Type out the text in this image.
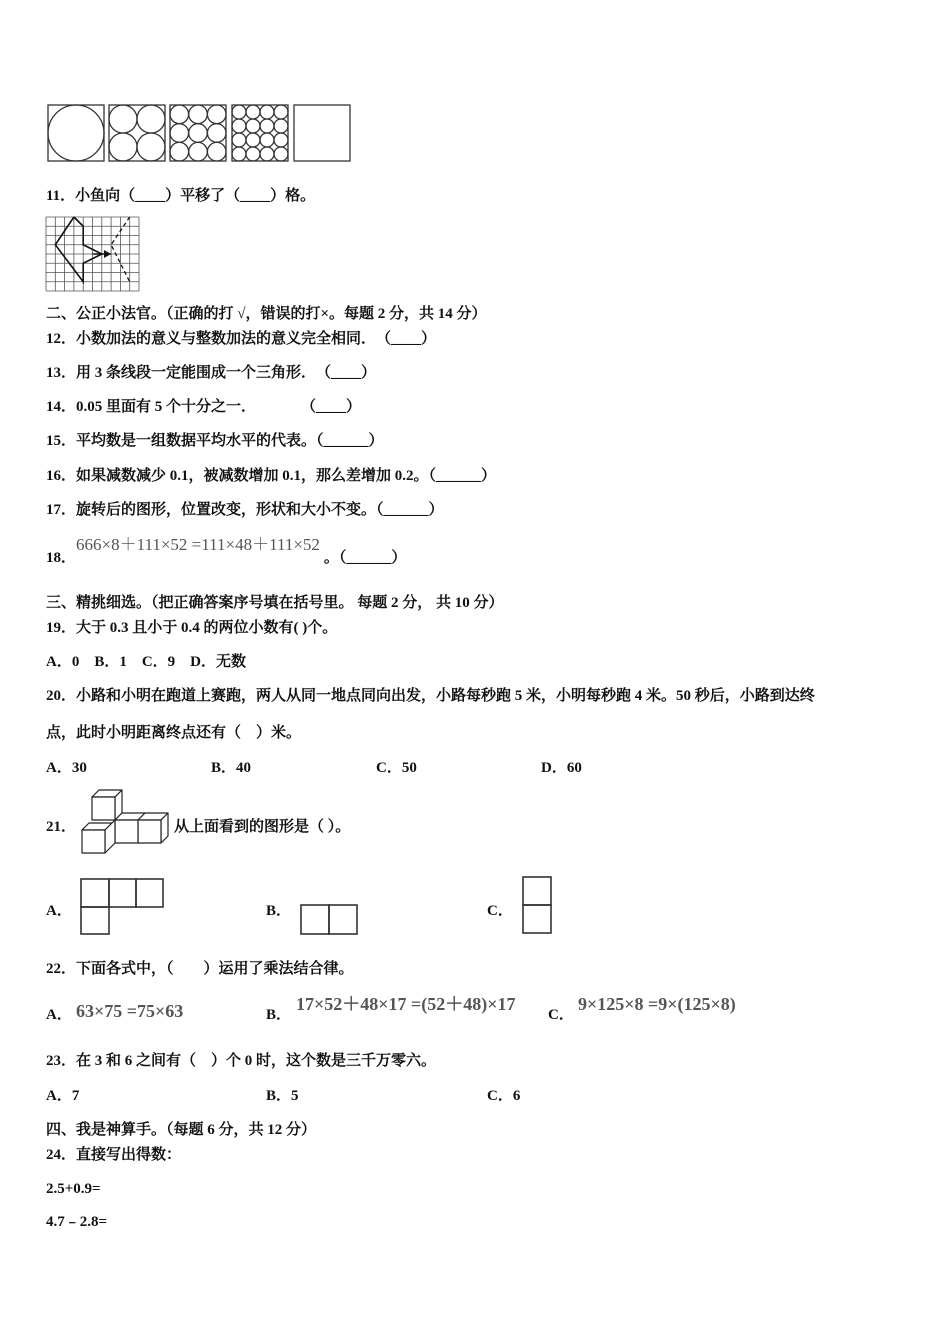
11．小鱼向（____）平移了（____）格。
二、公正小法官。（正确的打 √，错误的打×。每题 2 分，共 14 分）
12．小数加法的意义与整数加法的意义完全相同．　（____）
13．用 3 条线段一定能围成一个三角形．　（____）
14．0.05 里面有 5 个十分之一．　　　　（____）
15．平均数是一组数据平均水平的代表。（______）
16．如果减数减少 0.1，被减数增加 0.1，那么差增加 0.2。（______）
17．旋转后的图形，位置改变，形状和大小不变。（______）
18．666×8＋111×52 =111×48＋111×52。（______）
三、精挑细选。（把正确答案序号填在括号里。 每题 2 分， 共 10 分）
19．大于 0.3 且小于 0.4 的两位小数有( )个。
A．0　B．1　C．9　D．无数
20．小路和小明在跑道上赛跑，两人从同一地点同向出发，小路每秒跑 5 米，小明每秒跑 4 米。50 秒后，小路到达终
点，此时小明距离终点还有（　）米。
A．30	B．40	C．50	D．60
21．	从上面看到的图形是（ ）。
A．	B．	C．
22．下面各式中，（　　）运用了乘法结合律。
A． 63×75 =75×63	B．
17×52＋48×17 =(52＋48)×17
C．
9×125×8 =9×(125×8)
23．在 3 和 6 之间有（　）个 0 时，这个数是三千万零六。
A．7	B．5	C．6
四、我是神算手。（每题 6 分，共 12 分）
24．直接写出得数：
2.5+0.9=
4.7﹣2.8=
